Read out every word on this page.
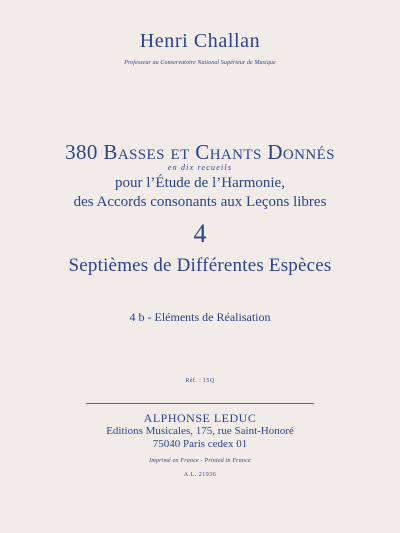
Henri Challan
Professeur au Conservatoire National Supérieur de Musique
380 Basses et Chants Donnés
en dix recueils
pour l’Étude de l’Harmonie,
des Accords consonants aux Leçons libres
4
Septièmes de Différentes Espèces
4 b - Eléments de Réalisation
Réf. : 15Q
ALPHONSE LEDUC
Editions Musicales, 175, rue Saint-Honoré
75040 Paris cedex 01
Imprimé en France - Printed in France
A.L. 21936
